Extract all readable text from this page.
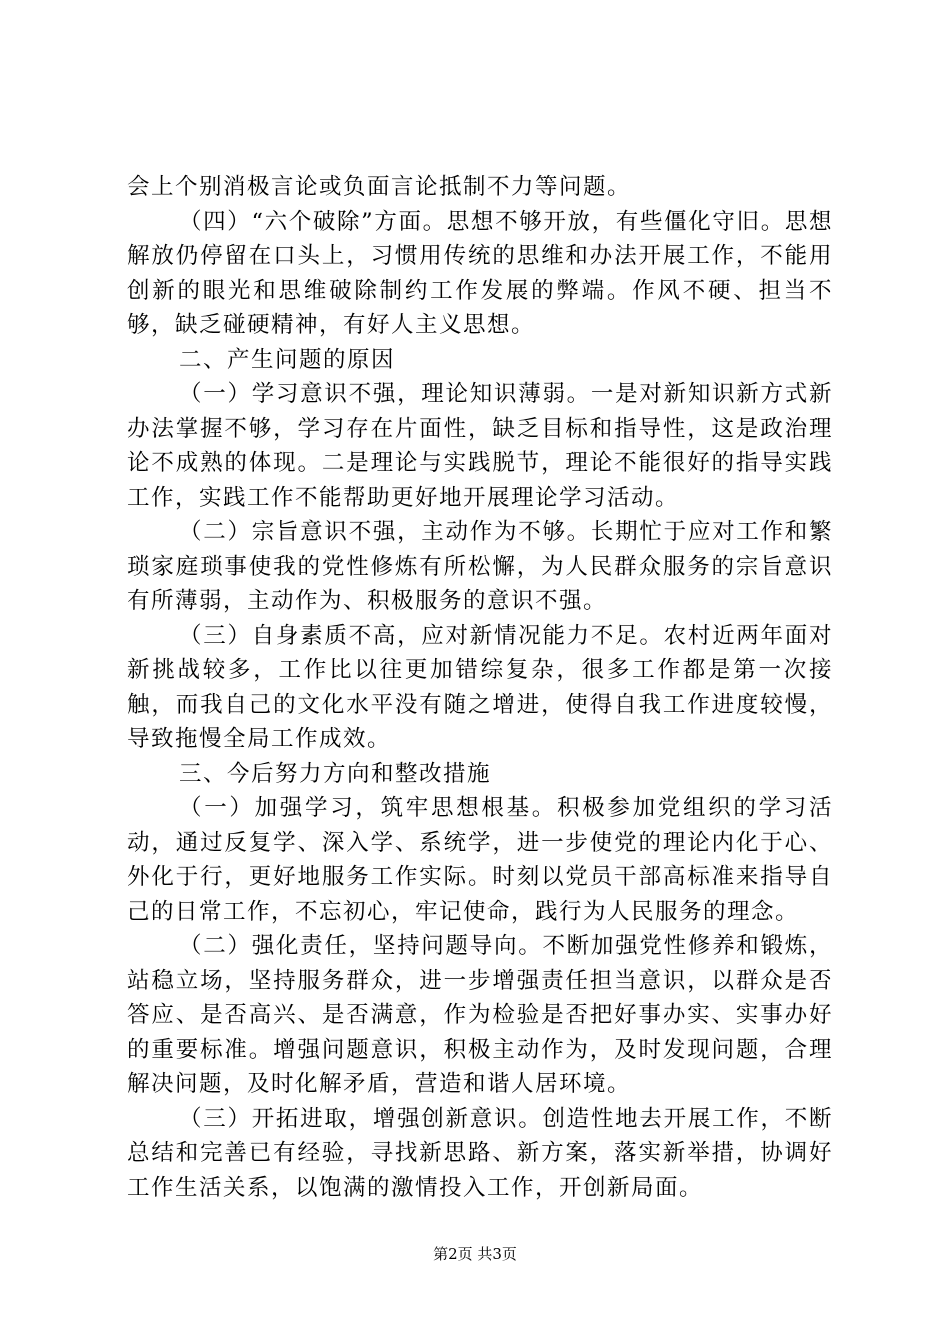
会上个别消极言论或负面言论抵制不力等问题。

（四）“六个破除”方面。思想不够开放，有些僵化守旧。思想解放仍停留在口头上，习惯用传统的思维和办法开展工作，不能用创新的眼光和思维破除制约工作发展的弊端。作风不硬、担当不够，缺乏碰硬精神，有好人主义思想。

二、产生问题的原因

（一）学习意识不强，理论知识薄弱。一是对新知识新方式新办法掌握不够，学习存在片面性，缺乏目标和指导性，这是政治理论不成熟的体现。二是理论与实践脱节，理论不能很好的指导实践工作，实践工作不能帮助更好地开展理论学习活动。

（二）宗旨意识不强，主动作为不够。长期忙于应对工作和繁琐家庭琐事使我的党性修炼有所松懈，为人民群众服务的宗旨意识有所薄弱，主动作为、积极服务的意识不强。

（三）自身素质不高，应对新情况能力不足。农村近两年面对新挑战较多，工作比以往更加错综复杂，很多工作都是第一次接触，而我自己的文化水平没有随之增进，使得自我工作进度较慢，导致拖慢全局工作成效。

三、今后努力方向和整改措施

（一）加强学习，筑牢思想根基。积极参加党组织的学习活动，通过反复学、深入学、系统学，进一步使党的理论内化于心、外化于行，更好地服务工作实际。时刻以党员干部高标准来指导自己的日常工作，不忘初心，牢记使命，践行为人民服务的理念。

（二）强化责任，坚持问题导向。不断加强党性修养和锻炼，站稳立场，坚持服务群众，进一步增强责任担当意识，以群众是否答应、是否高兴、是否满意，作为检验是否把好事办实、实事办好的重要标准。增强问题意识，积极主动作为，及时发现问题，合理解决问题，及时化解矛盾，营造和谐人居环境。

（三）开拓进取，增强创新意识。创造性地去开展工作，不断总结和完善已有经验，寻找新思路、新方案，落实新举措，协调好工作生活关系，以饱满的激情投入工作，开创新局面。

第2页 共3页
